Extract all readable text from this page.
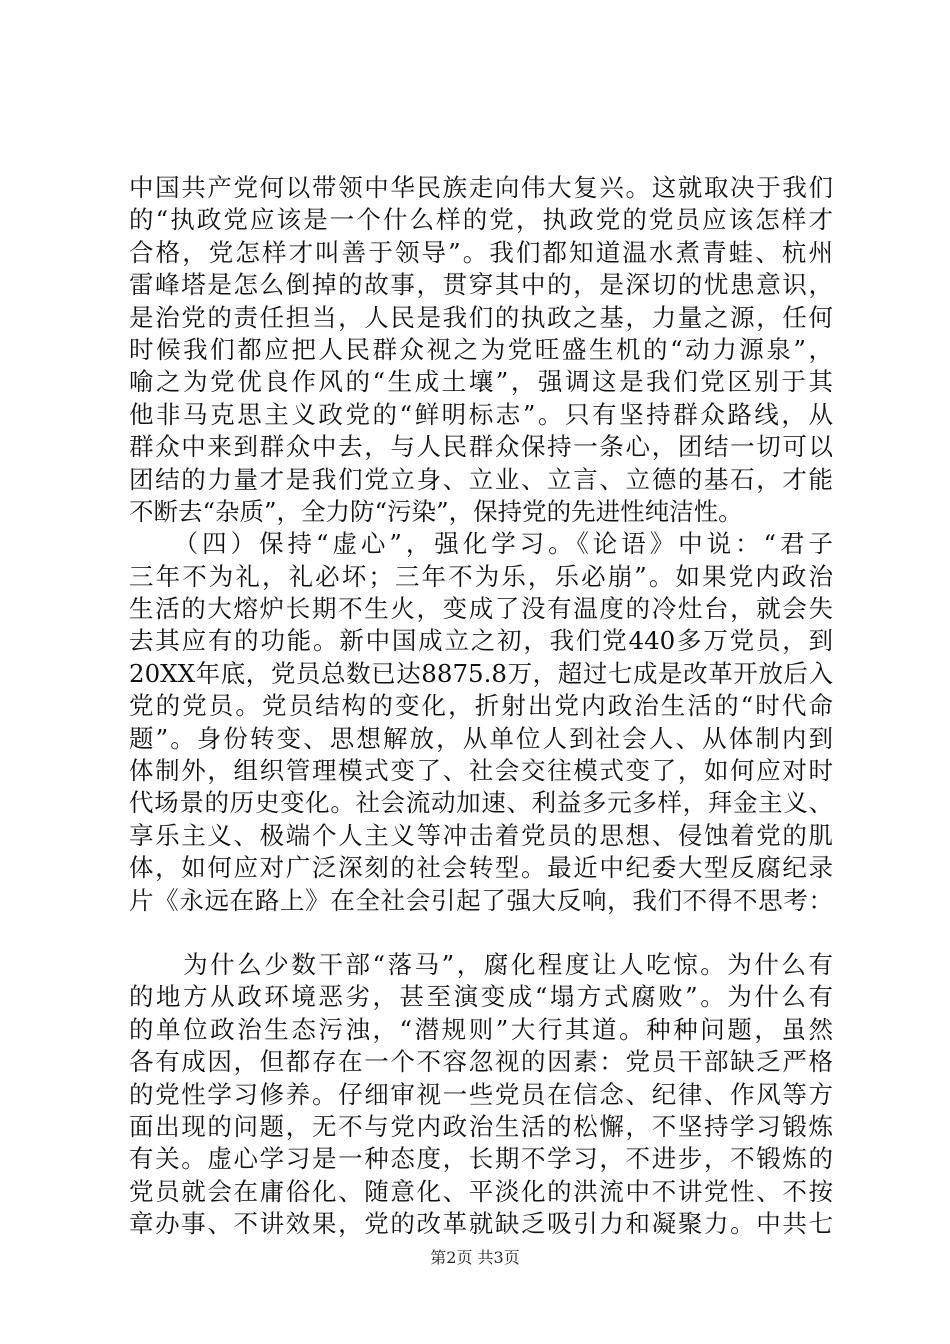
中国共产党何以带领中华民族走向伟大复兴。这就取决于我们
的“执政党应该是一个什么样的党，执政党的党员应该怎样才
合格，党怎样才叫善于领导”。我们都知道温水煮青蛙、杭州
雷峰塔是怎么倒掉的故事，贯穿其中的，是深切的忧患意识，
是治党的责任担当，人民是我们的执政之基，力量之源，任何
时候我们都应把人民群众视之为党旺盛生机的“动力源泉”，
喻之为党优良作风的“生成土壤”，强调这是我们党区别于其
他非马克思主义政党的“鲜明标志”。只有坚持群众路线，从
群众中来到群众中去，与人民群众保持一条心，团结一切可以
团结的力量才是我们党立身、立业、立言、立德的基石，才能
不断去“杂质”，全力防“污染”，保持党的先进性纯洁性。
　　（四）保持“虚心”，强化学习。《论语》中说：“君子
三年不为礼，礼必坏；三年不为乐，乐必崩”。如果党内政治
生活的大熔炉长期不生火，变成了没有温度的冷灶台，就会失
去其应有的功能。新中国成立之初，我们党440多万党员，到
20XX年底，党员总数已达8875.8万，超过七成是改革开放后入
党的党员。党员结构的变化，折射出党内政治生活的“时代命
题”。身份转变、思想解放，从单位人到社会人、从体制内到
体制外，组织管理模式变了、社会交往模式变了，如何应对时
代场景的历史变化。社会流动加速、利益多元多样，拜金主义、
享乐主义、极端个人主义等冲击着党员的思想、侵蚀着党的肌
体，如何应对广泛深刻的社会转型。最近中纪委大型反腐纪录
片《永远在路上》在全社会引起了强大反响，我们不得不思考：
　　为什么少数干部“落马”，腐化程度让人吃惊。为什么有
的地方从政环境恶劣，甚至演变成“塌方式腐败”。为什么有
的单位政治生态污浊，“潜规则”大行其道。种种问题，虽然
各有成因，但都存在一个不容忽视的因素：党员干部缺乏严格
的党性学习修养。仔细审视一些党员在信念、纪律、作风等方
面出现的问题，无不与党内政治生活的松懈，不坚持学习锻炼
有关。虚心学习是一种态度，长期不学习，不进步，不锻炼的
党员就会在庸俗化、随意化、平淡化的洪流中不讲党性、不按
章办事、不讲效果，党的改革就缺乏吸引力和凝聚力。中共七
第2页 共3页
